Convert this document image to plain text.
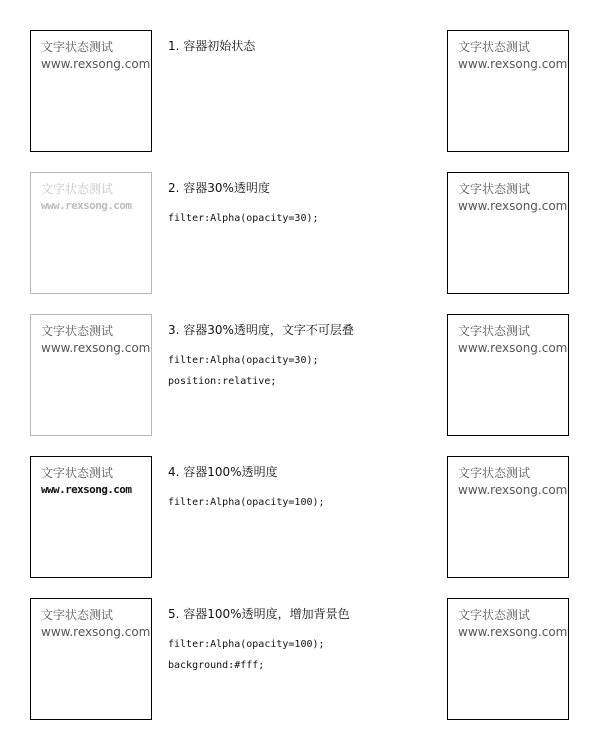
文字状态测试
www.rexsong.com
1. 容器初始状态	文字状态测试
www.rexsong.com
文字状态测试
www.rexsong.com
2. 容器30%透明度
filter:Alpha(opacity=30);
文字状态测试
www.rexsong.com
文字状态测试
www.rexsong.com
3. 容器30%透明度，文字不可层叠
filter:Alpha(opacity=30);
position:relative;
文字状态测试
www.rexsong.com
文字状态测试
www.rexsong.com
4. 容器100%透明度
filter:Alpha(opacity=100);
文字状态测试
www.rexsong.com
文字状态测试
www.rexsong.com
5. 容器100%透明度，增加背景色
filter:Alpha(opacity=100);
background:#fff;
文字状态测试
www.rexsong.com
